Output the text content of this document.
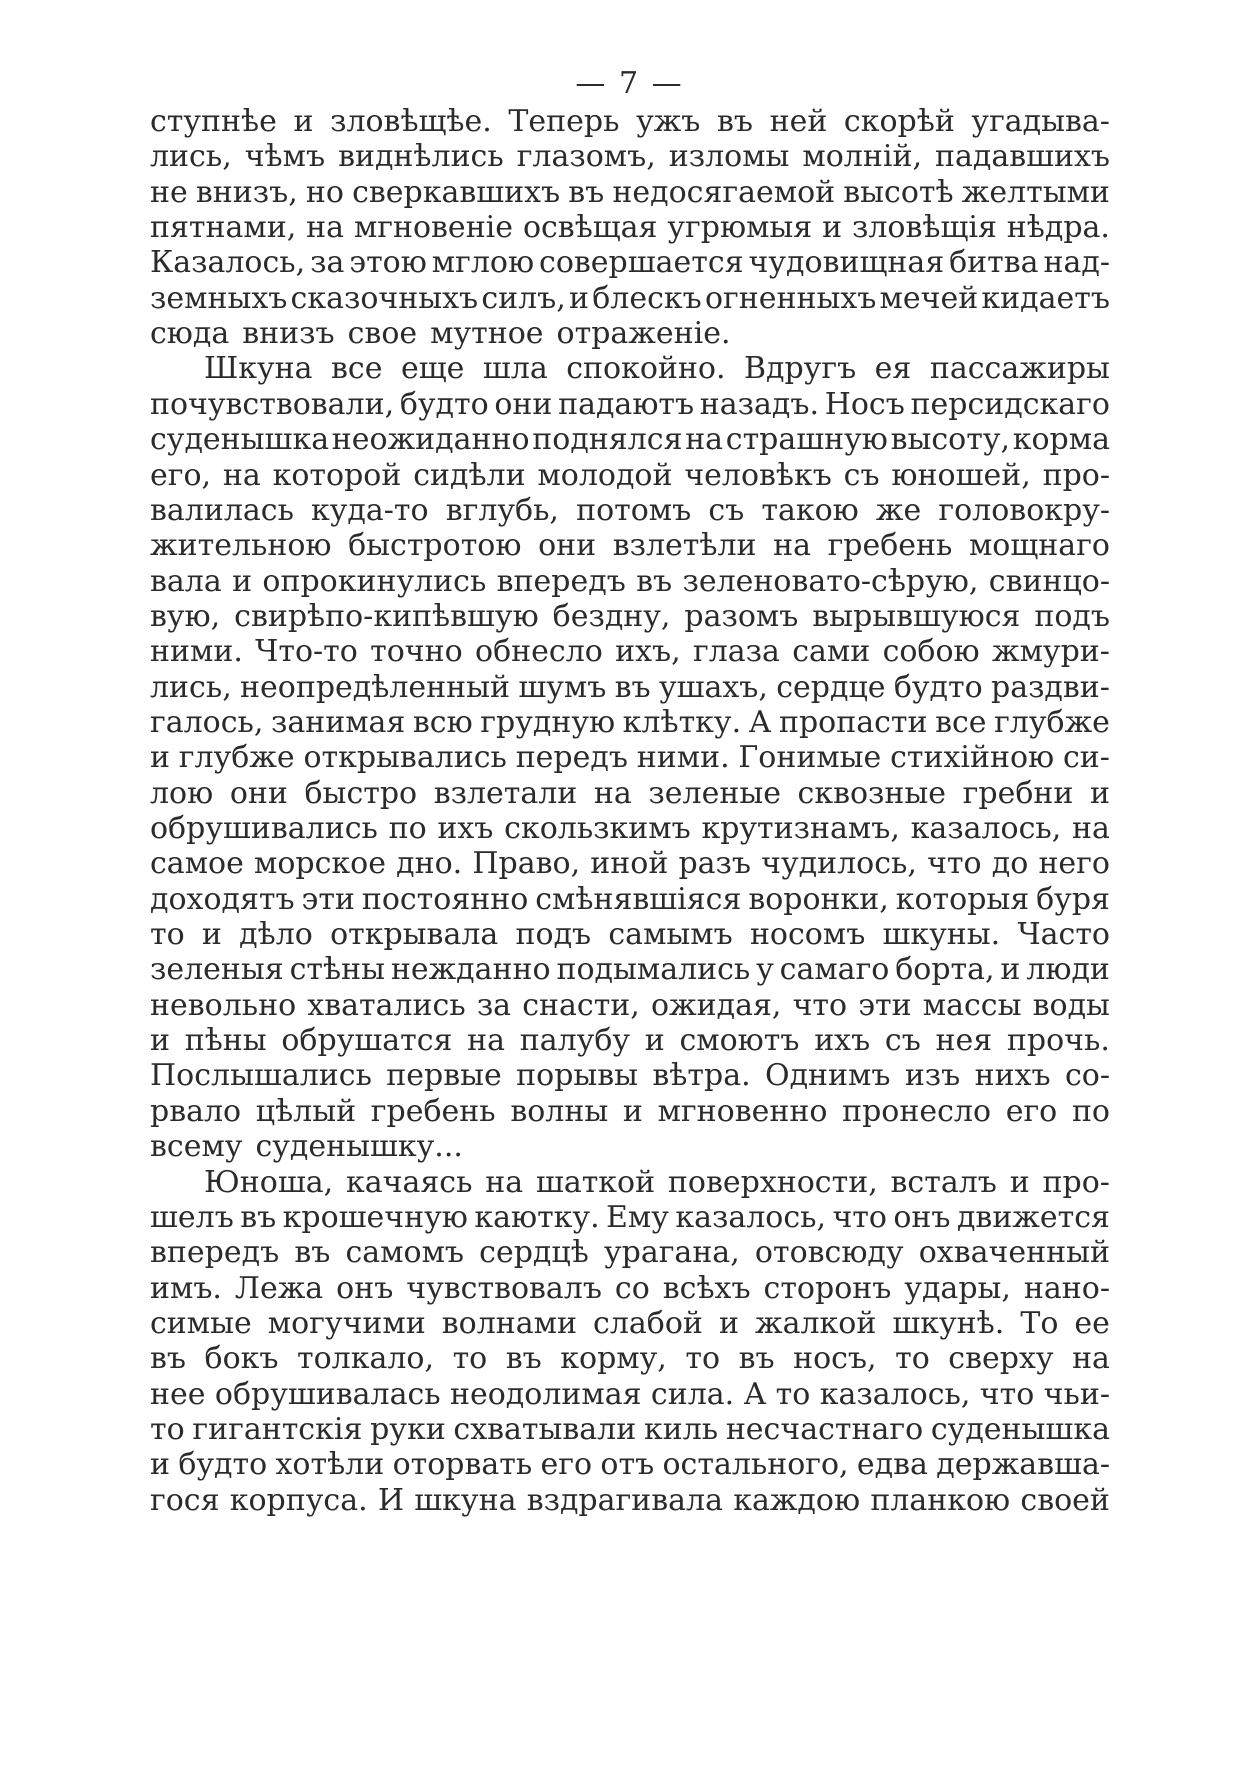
— 7 —
ступнѣе и зловѣщѣе. Теперь ужъ въ ней скорѣй угадыва-
лись, чѣмъ виднѣлись глазомъ, изломы молній, падавшихъ
не внизъ, но сверкавшихъ въ недосягаемой высотѣ желтыми
пятнами, на мгновеніе освѣщая угрюмыя и зловѣщія нѣдра.
Казалось, за этою мглою совершается чудовищная битва над-
земныхъ сказочныхъ силъ, и блескъ огненныхъ мечей кидаетъ
сюда внизъ свое мутное отраженіе.
Шкуна все еще шла спокойно. Вдругъ ея пассажиры
почувствовали, будто они падаютъ назадъ. Носъ персидскаго
суденышка неожиданно поднялся на страшную высоту, корма
его, на которой сидѣли молодой человѣкъ съ юношей, про-
валилась куда-то вглубь, потомъ съ такою же головокру-
жительною быстротою они взлетѣли на гребень мощнаго
вала и опрокинулись впередъ въ зеленовато-сѣрую, свинцо-
вую, свирѣпо-кипѣвшую бездну, разомъ вырывшуюся подъ
ними. Что-то точно обнесло ихъ, глаза сами собою жмури-
лись, неопредѣленный шумъ въ ушахъ, сердце будто раздви-
галось, занимая всю грудную клѣтку. А пропасти все глубже
и глубже открывались передъ ними. Гонимые стихійною си-
лою они быстро взлетали на зеленые сквозные гребни и
обрушивались по ихъ скользкимъ крутизнамъ, казалось, на
самое морское дно. Право, иной разъ чудилось, что до него
доходятъ эти постоянно смѣнявшіяся воронки, которыя буря
то и дѣло открывала подъ самымъ носомъ шкуны. Часто
зеленыя стѣны нежданно подымались у самаго борта, и люди
невольно хватались за снасти, ожидая, что эти массы воды
и пѣны обрушатся на палубу и смоютъ ихъ съ нея прочь.
Послышались первые порывы вѣтра. Однимъ изъ нихъ со-
рвало цѣлый гребень волны и мгновенно пронесло его по
всему суденышку...
Юноша, качаясь на шаткой поверхности, всталъ и про-
шелъ въ крошечную каютку. Ему казалось, что онъ движется
впередъ въ самомъ сердцѣ урагана, отовсюду охваченный
имъ. Лежа онъ чувствовалъ со всѣхъ сторонъ удары, нано-
симые могучими волнами слабой и жалкой шкунѣ. То ее
въ бокъ толкало, то въ корму, то въ носъ, то сверху на
нее обрушивалась неодолимая сила. А то казалось, что чьи-
то гигантскія руки схватывали киль несчастнаго суденышка
и будто хотѣли оторвать его отъ остального, едва державша-
гося корпуса. И шкуна вздрагивала каждою планкою своей
